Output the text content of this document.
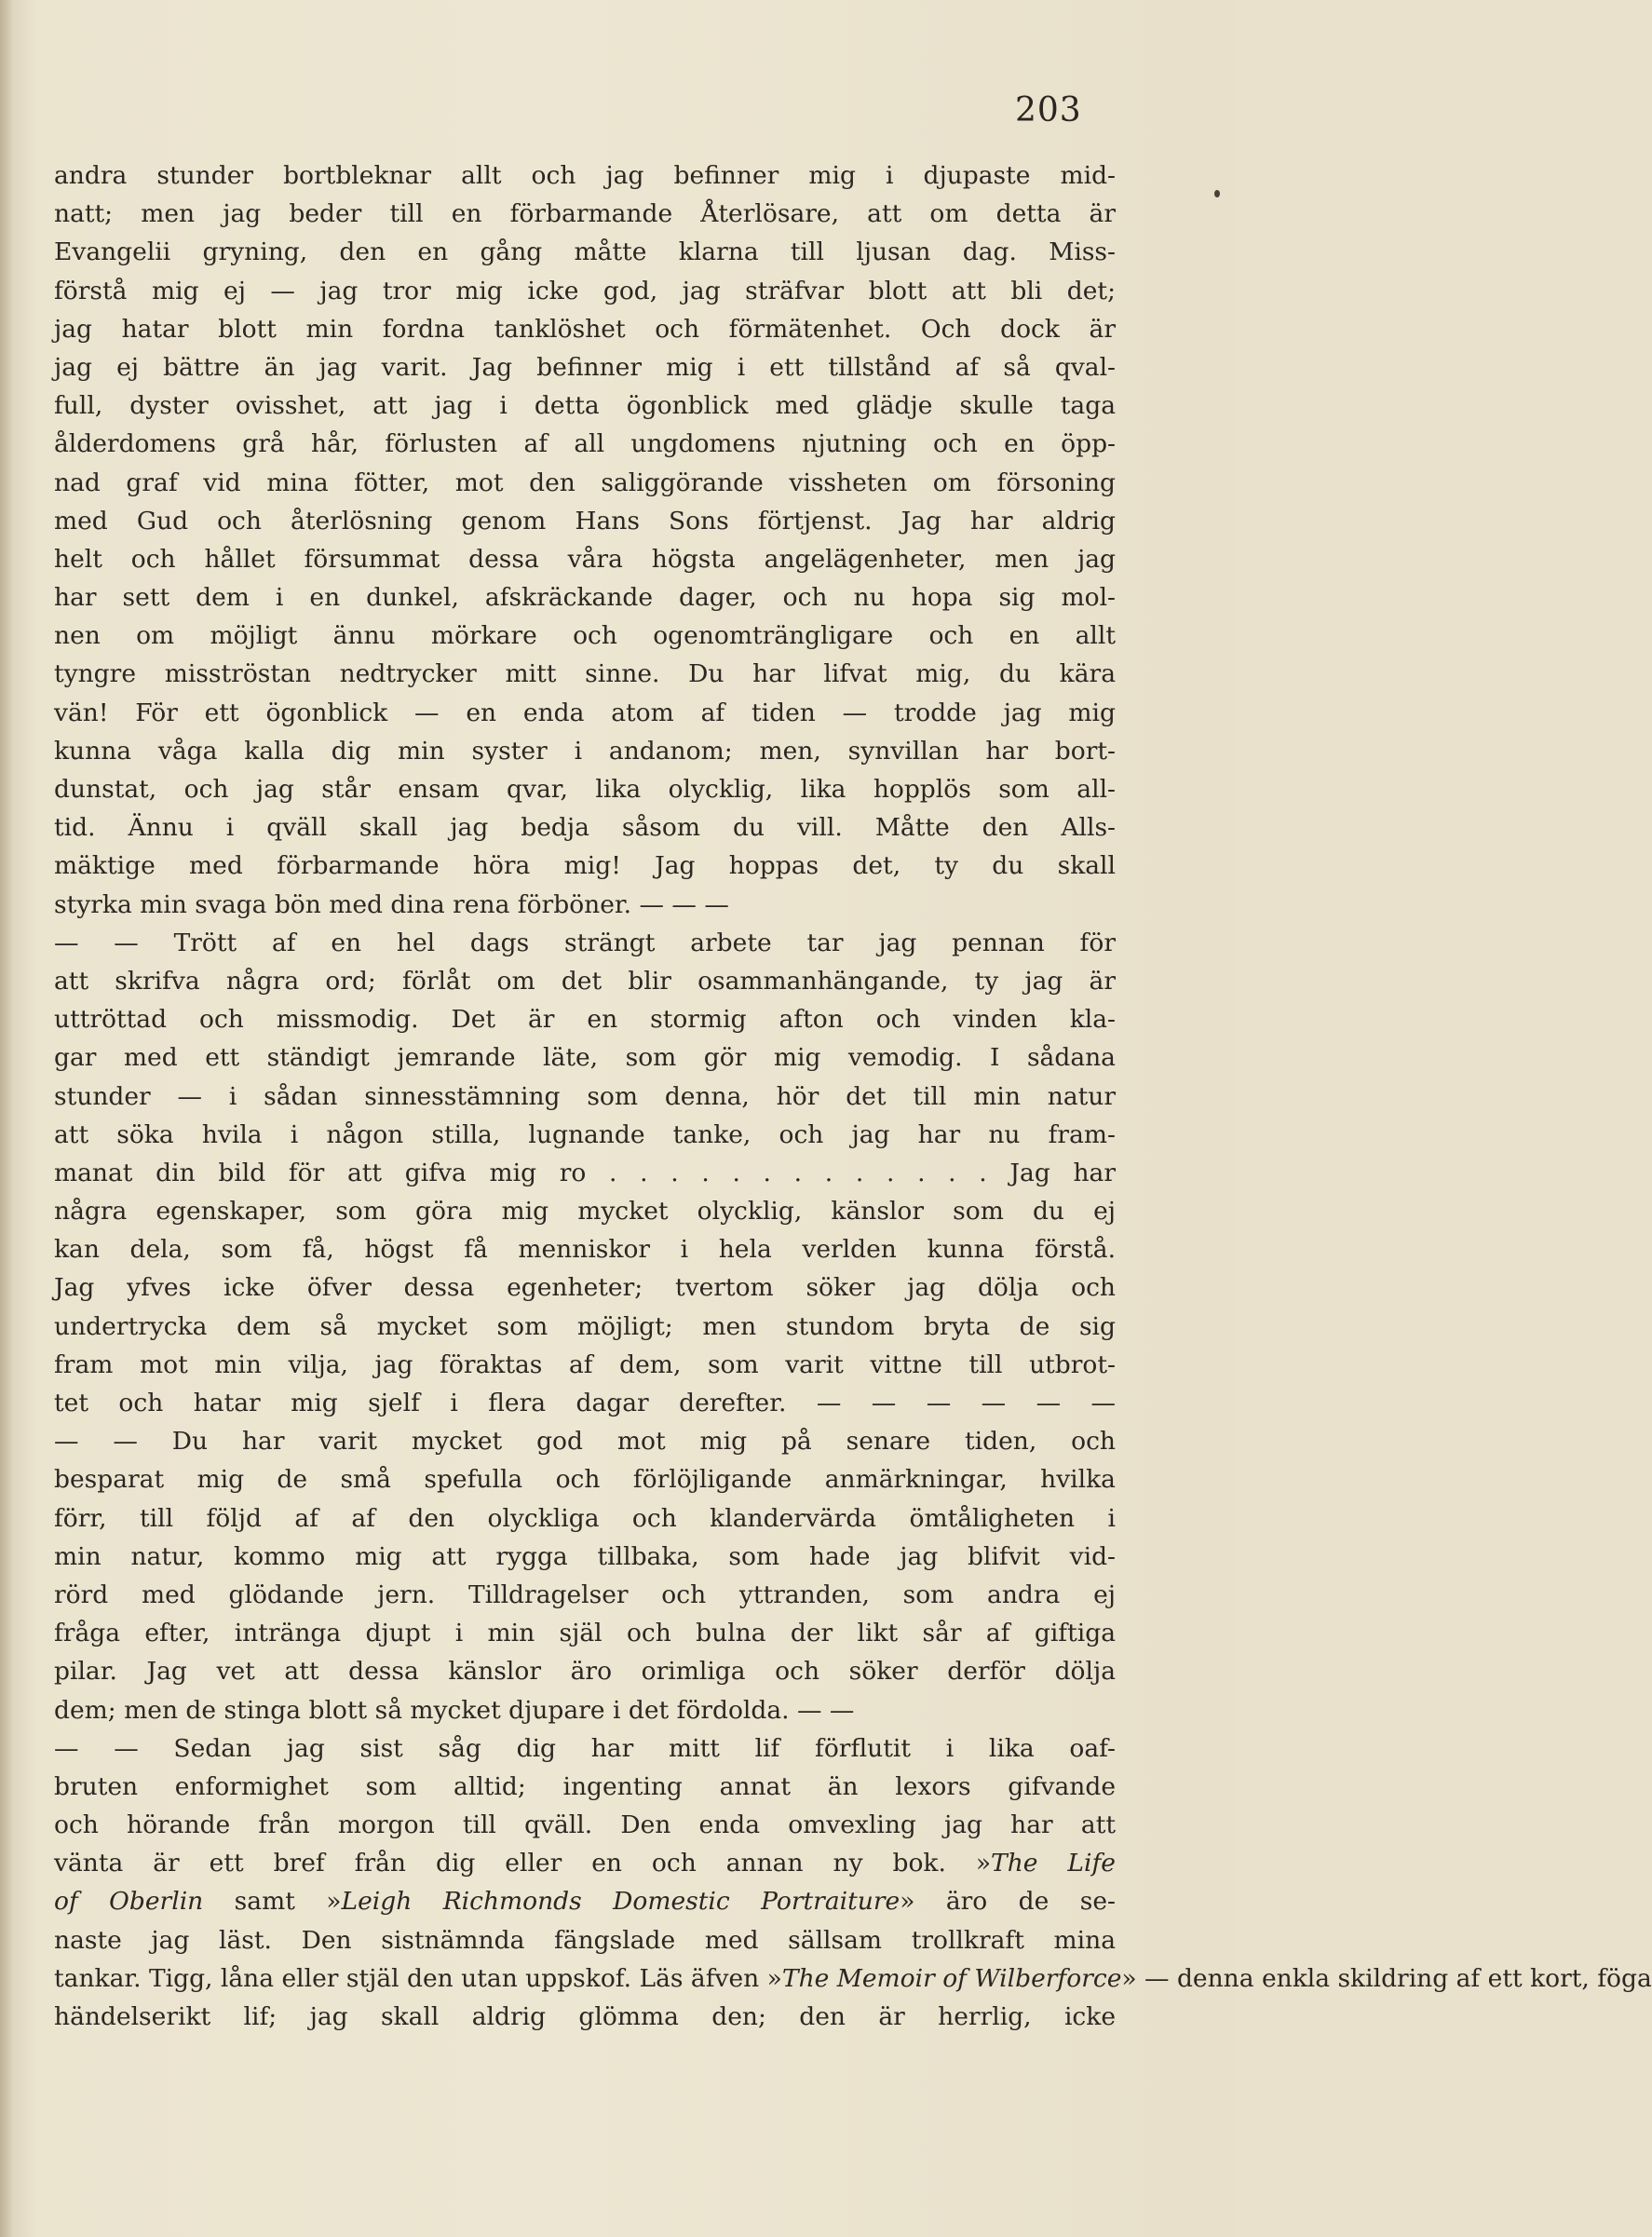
203
andra stunder bortbleknar allt och jag befinner mig i djupaste mid-
natt; men jag beder till en förbarmande Återlösare, att om detta är
Evangelii gryning, den en gång måtte klarna till ljusan dag. Miss-
förstå mig ej — jag tror mig icke god, jag sträfvar blott att bli det;
jag hatar blott min fordna tanklöshet och förmätenhet. Och dock är
jag ej bättre än jag varit. Jag befinner mig i ett tillstånd af så qval-
full, dyster ovisshet, att jag i detta ögonblick med glädje skulle taga
ålderdomens grå hår, förlusten af all ungdomens njutning och en öpp-
nad graf vid mina fötter, mot den saliggörande vissheten om försoning
med Gud och återlösning genom Hans Sons förtjenst. Jag har aldrig
helt och hållet försummat dessa våra högsta angelägenheter, men jag
har sett dem i en dunkel, afskräckande dager, och nu hopa sig mol-
nen om möjligt ännu mörkare och ogenomträngligare och en allt
tyngre misströstan nedtrycker mitt sinne. Du har lifvat mig, du kära
vän! För ett ögonblick — en enda atom af tiden — trodde jag mig
kunna våga kalla dig min syster i andanom; men, synvillan har bort-
dunstat, och jag står ensam qvar, lika olycklig, lika hopplös som all-
tid. Ännu i qväll skall jag bedja såsom du vill. Måtte den Alls-
mäktige med förbarmande höra mig! Jag hoppas det, ty du skall
styrka min svaga bön med dina rena förböner. — — —
— — Trött af en hel dags strängt arbete tar jag pennan för
att skrifva några ord; förlåt om det blir osammanhängande, ty jag är
uttröttad och missmodig. Det är en stormig afton och vinden kla-
gar med ett ständigt jemrande läte, som gör mig vemodig. I sådana
stunder — i sådan sinnesstämning som denna, hör det till min natur
att söka hvila i någon stilla, lugnande tanke, och jag har nu fram-
manat din bild för att gifva mig ro . . . . . . . . . . . . . Jag har
några egenskaper, som göra mig mycket olycklig, känslor som du ej
kan dela, som få, högst få menniskor i hela verlden kunna förstå.
Jag yfves icke öfver dessa egenheter; tvertom söker jag dölja och
undertrycka dem så mycket som möjligt; men stundom bryta de sig
fram mot min vilja, jag föraktas af dem, som varit vittne till utbrot-
tet och hatar mig sjelf i flera dagar derefter. — — — — — —
— — Du har varit mycket god mot mig på senare tiden, och
besparat mig de små spefulla och förlöjligande anmärkningar, hvilka
förr, till följd af af den olyckliga och klandervärda ömtåligheten i
min natur, kommo mig att rygga tillbaka, som hade jag blifvit vid-
rörd med glödande jern. Tilldragelser och yttranden, som andra ej
fråga efter, intränga djupt i min själ och bulna der likt sår af giftiga
pilar. Jag vet att dessa känslor äro orimliga och söker derför dölja
dem; men de stinga blott så mycket djupare i det fördolda. — —
— — Sedan jag sist såg dig har mitt lif förflutit i lika oaf-
bruten enformighet som alltid; ingenting annat än lexors gifvande
och hörande från morgon till qväll. Den enda omvexling jag har att
vänta är ett bref från dig eller en och annan ny bok. »The Life
of Oberlin samt »Leigh Richmonds Domestic Portraiture» äro de se-
naste jag läst. Den sistnämnda fängslade med sällsam trollkraft mina
tankar. Tigg, låna eller stjäl den utan uppskof. Läs äfven »The Memoir of Wilberforce» — denna enkla skildring af ett kort, föga
händelserikt lif; jag skall aldrig glömma den; den är herrlig, icke
